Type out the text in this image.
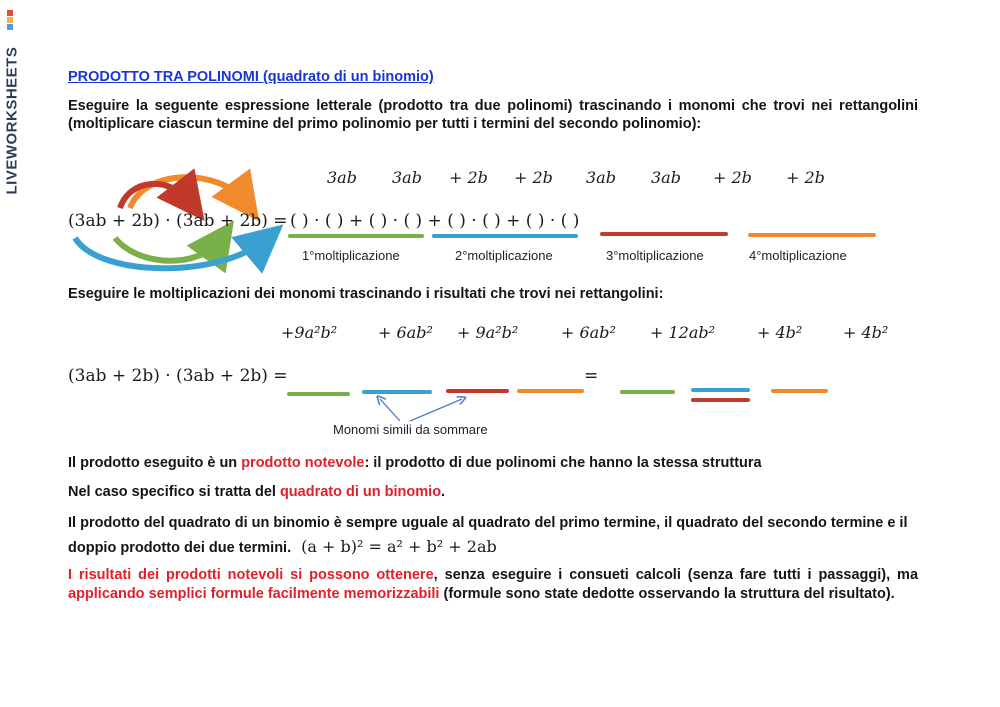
LIVEWORKSHEETS	PRODOTTO TRA POLINOMI (quadrato di un binomio)
Eseguire la seguente espressione letterale (prodotto tra due polinomi) trascinando i monomi che trovi nei rettangolini (moltiplicare ciascun termine del primo polinomio per tutti i termini del secondo polinomio):
3ab 3ab + 2b + 2b 3ab 3ab + 2b + 2b
(3ab + 2b) · (3ab + 2b) = ( ) · ( ) + ( ) · ( ) + ( ) · ( ) + ( ) · ( )
1°moltiplicazione	2°moltiplicazione	3°moltiplicazione	4°moltiplicazione
Eseguire le moltiplicazioni dei monomi trascinando i risultati che trovi nei rettangolini:
+9a²b²	+ 6ab² + 9a²b²	+ 6ab² + 12ab²	+ 4b²	+ 4b²
(3ab + 2b) · (3ab + 2b) =	=
Monomi simili da sommare
Il prodotto eseguito è un prodotto notevole: il prodotto di due polinomi che hanno la stessa struttura
Nel caso specifico si tratta del quadrato di un binomio.
Il prodotto del quadrato di un binomio è sempre uguale al quadrato del primo termine, il quadrato del secondo termine e il doppio prodotto dei due termini. (a + b)² = a² + b² + 2ab
I risultati dei prodotti notevoli si possono ottenere, senza eseguire i consueti calcoli (senza fare tutti i passaggi), ma applicando semplici formule facilmente memorizzabili (formule sono state dedotte osservando la struttura del risultato).
